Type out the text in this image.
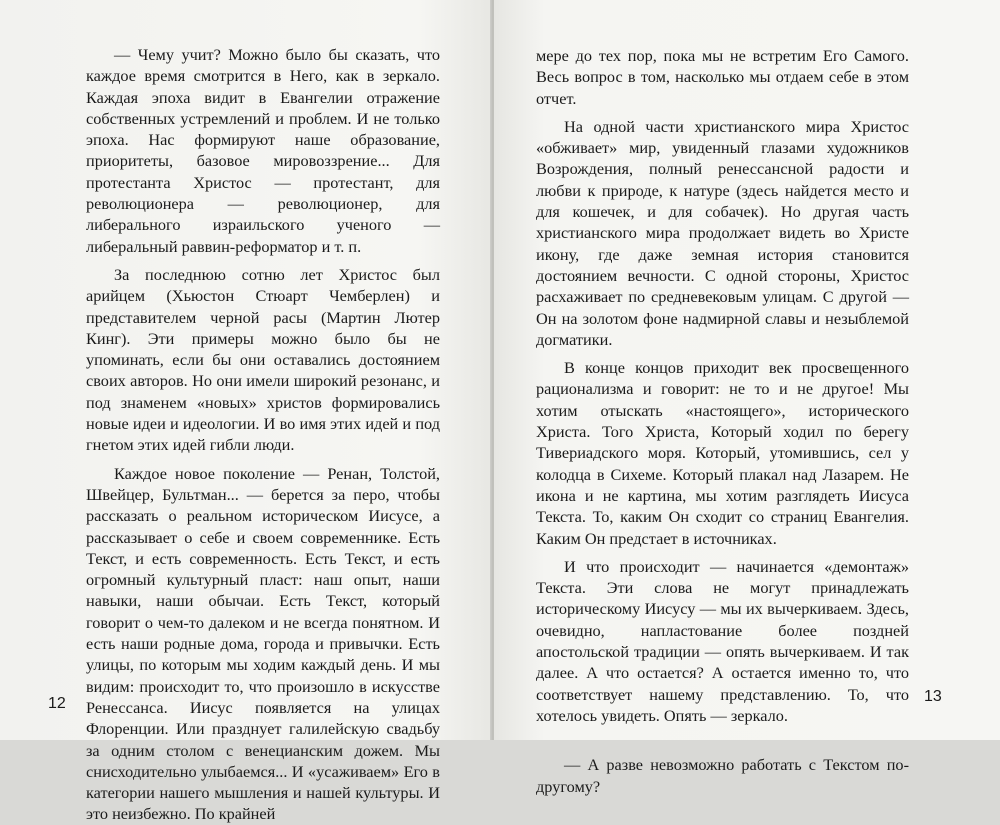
— Чему учит? Можно было бы сказать, что каждое время смотрится в Него, как в зеркало. Каждая эпоха видит в Евангелии отражение собственных устремлений и проблем. И не только эпоха. Нас формируют наше образование, приоритеты, базовое мировоззрение... Для протестанта Христос — протестант, для революционера — революционер, для либерального израильского ученого — либеральный раввин-реформатор и т. п.

За последнюю сотню лет Христос был арийцем (Хьюстон Стюарт Чемберлен) и представителем черной расы (Мартин Лютер Кинг). Эти примеры можно было бы не упоминать, если бы они оставались достоянием своих авторов. Но они имели широкий резонанс, и под знаменем «новых» христов формировались новые идеи и идеологии. И во имя этих идей и под гнетом этих идей гибли люди.

Каждое новое поколение — Ренан, Толстой, Швейцер, Бультман... — берется за перо, чтобы рассказать о реальном историческом Иисусе, а рассказывает о себе и своем современнике. Есть Текст, и есть современность. Есть Текст, и есть огромный культурный пласт: наш опыт, наши навыки, наши обычаи. Есть Текст, который говорит о чем-то далеком и не всегда понятном. И есть наши родные дома, города и привычки. Есть улицы, по которым мы ходим каждый день. И мы видим: происходит то, что произошло в искусстве Ренессанса. Иисус появляется на улицах Флоренции. Или празднует галилейскую свадьбу за одним столом с венецианским дожем. Мы снисходительно улыбаемся... И «усаживаем» Его в категории нашего мышления и нашей культуры. И это неизбежно. По крайней

12

мере до тех пор, пока мы не встретим Его Самого. Весь вопрос в том, насколько мы отдаем себе в этом отчет.

На одной части христианского мира Христос «обживает» мир, увиденный глазами художников Возрождения, полный ренессансной радости и любви к природе, к натуре (здесь найдется место и для кошечек, и для собачек). Но другая часть христианского мира продолжает видеть во Христе икону, где даже земная история становится достоянием вечности. С одной стороны, Христос расхаживает по средневековым улицам. С другой — Он на золотом фоне надмирной славы и незыблемой догматики.

В конце концов приходит век просвещенного рационализма и говорит: не то и не другое! Мы хотим отыскать «настоящего», исторического Христа. Того Христа, Который ходил по берегу Тивериадского моря. Который, утомившись, сел у колодца в Сихеме. Который плакал над Лазарем. Не икона и не картина, мы хотим разглядеть Иисуса Текста. То, каким Он сходит со страниц Евангелия. Каким Он предстает в источниках.

И что происходит — начинается «демонтаж» Текста. Эти слова не могут принадлежать историческому Иисусу — мы их вычеркиваем. Здесь, очевидно, напластование более поздней апостольской традиции — опять вычеркиваем. И так далее. А что остается? А остается именно то, что соответствует нашему представлению. То, что хотелось увидеть. Опять — зеркало.

— А разве невозможно работать с Текстом по-другому?

13
